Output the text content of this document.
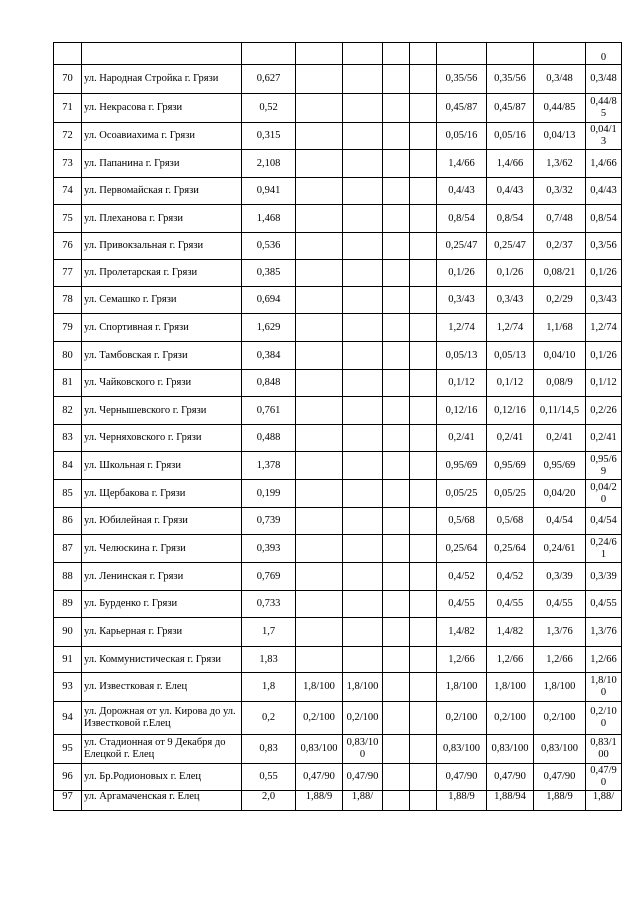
										0
70	ул. Народная Стройка г. Грязи	0,627					0,35/56	0,35/56	0,3/48	0,3/48
71	ул. Некрасова г. Грязи	0,52					0,45/87	0,45/87	0,44/85	0,44/85
72	ул. Осоавиахима г. Грязи	0,315					0,05/16	0,05/16	0,04/13	0,04/13
73	ул. Папанина г. Грязи	2,108					1,4/66	1,4/66	1,3/62	1,4/66
74	ул. Первомайская г. Грязи	0,941					0,4/43	0,4/43	0,3/32	0,4/43
75	ул. Плеханова г. Грязи	1,468					0,8/54	0,8/54	0,7/48	0,8/54
76	ул. Привокзальная г. Грязи	0,536					0,25/47	0,25/47	0,2/37	0,3/56
77	ул. Пролетарская г. Грязи	0,385					0,1/26	0,1/26	0,08/21	0,1/26
78	ул. Семашко г. Грязи	0,694					0,3/43	0,3/43	0,2/29	0,3/43
79	ул. Спортивная г. Грязи	1,629					1,2/74	1,2/74	1,1/68	1,2/74
80	ул. Тамбовская г. Грязи	0,384					0,05/13	0,05/13	0,04/10	0,1/26
81	ул. Чайковского г. Грязи	0,848					0,1/12	0,1/12	0,08/9	0,1/12
82	ул. Чернышевского г. Грязи	0,761					0,12/16	0,12/16	0,11/14,5	0,2/26
83	ул. Черняховского г. Грязи	0,488					0,2/41	0,2/41	0,2/41	0,2/41
84	ул. Школьная г. Грязи	1,378					0,95/69	0,95/69	0,95/69	0,95/69
85	ул. Щербакова г. Грязи	0,199					0,05/25	0,05/25	0,04/20	0,04/20
86	ул. Юбилейная г. Грязи	0,739					0,5/68	0,5/68	0,4/54	0,4/54
87	ул. Челюскина г. Грязи	0,393					0,25/64	0,25/64	0,24/61	0,24/61
88	ул. Ленинская г. Грязи	0,769					0,4/52	0,4/52	0,3/39	0,3/39
89	ул. Бурденко г. Грязи	0,733					0,4/55	0,4/55	0,4/55	0,4/55
90	ул. Карьерная г. Грязи	1,7					1,4/82	1,4/82	1,3/76	1,3/76
91	ул. Коммунистическая г. Грязи	1,83					1,2/66	1,2/66	1,2/66	1,2/66
93	ул. Известковая г. Елец	1,8	1,8/100	1,8/100			1,8/100	1,8/100	1,8/100	1,8/100
94	ул. Дорожная от ул. Кирова до ул. Известковой г.Елец	0,2	0,2/100	0,2/100			0,2/100	0,2/100	0,2/100	0,2/100
95	ул. Стадионная от 9 Декабря до Елецкой г. Елец	0,83	0,83/100	0,83/100			0,83/100	0,83/100	0,83/100	0,83/100
96	ул. Бр.Родионовых г. Елец	0,55	0,47/90	0,47/90			0,47/90	0,47/90	0,47/90	0,47/90
97	ул. Аргамаченская г. Елец	2,0	1,88/9	1,88/			1,88/9	1,88/94	1,88/9	1,88/
